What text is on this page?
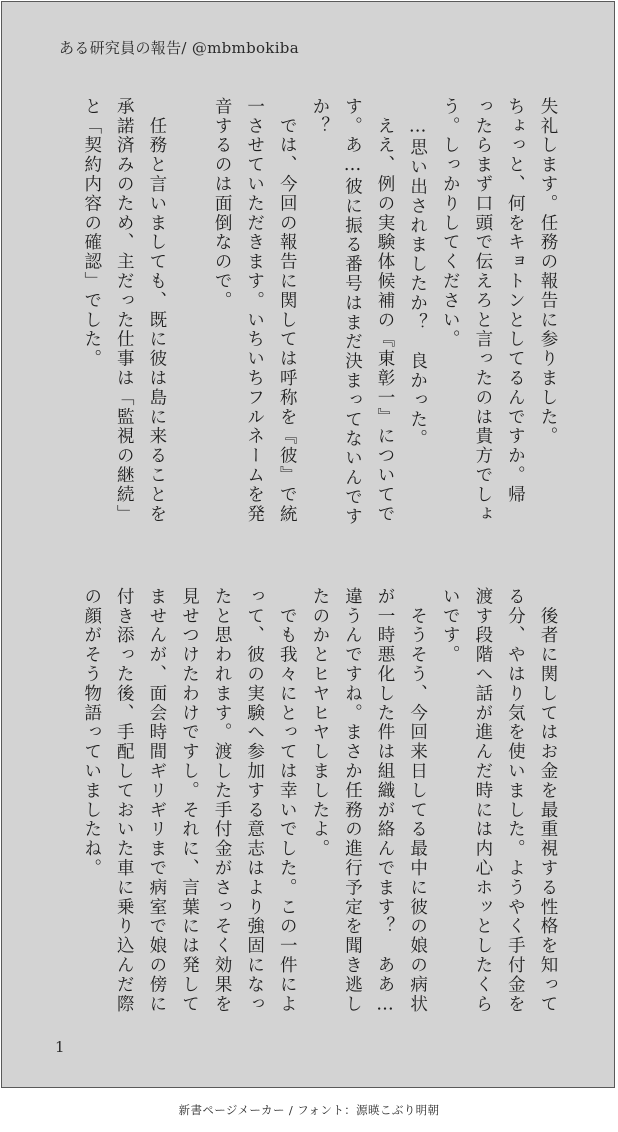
ある研究員の報告/ @mbmbokiba
失礼します。任務の報告に参りました。
ちょっと、何をキョトンとしてるんですか。帰
ったらまず口頭で伝えろと言ったのは貴方でしょ
う。しっかりしてください。
　…思い出されましたか？　良かった。
　ええ、例の実験体候補の『東彰一』についてで
す。あ…彼に振る番号はまだ決まってないんです
か？
　では、今回の報告に関しては呼称を『彼』で統
一させていただきます。いちいちフルネームを発
音するのは面倒なので。

　任務と言いましても、既に彼は島に来ることを
承諾済みのため、主だった仕事は「監視の継続」
と「契約内容の確認」でした。
　後者に関してはお金を最重視する性格を知って
る分、やはり気を使いました。ようやく手付金を
渡す段階へ話が進んだ時には内心ホッとしたくら
いです。
　そうそう、今回来日してる最中に彼の娘の病状
が一時悪化した件は組織が絡んでます？　ああ…
違うんですね。まさか任務の進行予定を聞き逃し
たのかとヒヤヒヤしましたよ。
　でも我々にとっては幸いでした。この一件によ
って、彼の実験へ参加する意志はより強固になっ
たと思われます。渡した手付金がさっそく効果を
見せつけたわけですし。それに、言葉には発して
ませんが、面会時間ギリギリまで病室で娘の傍に
付き添った後、手配しておいた車に乗り込んだ際
の顔がそう物語っていましたね。
1
新書ページメーカー / フォント：源暎こぶり明朝
